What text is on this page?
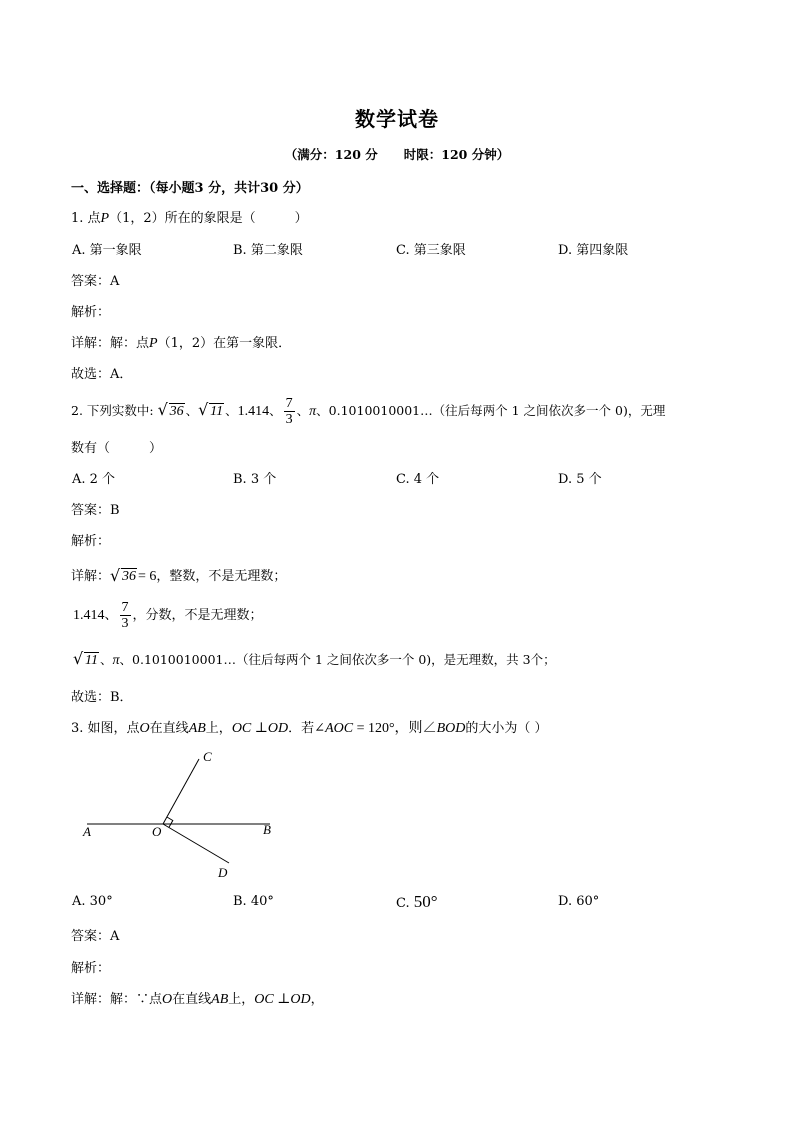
数学试卷
（满分：120 分 时限：120 分钟）
一、选择题：（每小题3 分，共计30 分）
1. 点P（1，2）所在的象限是（　　　）
A. 第一象限	B. 第二象限	C. 第三象限	D. 第四象限
答案：A
解析：
详解：解：点P（1，2）在第一象限．
故选：A．
2. 下列实数中: √ 36 、 √ 11 、1.414、 $\frac{7}{3}$ 、π、0.1010010001…（往后每两个 1 之间依次多一个 0)，无理
数有（　　　）
A. 2 个	B. 3 个	C. 4 个	D. 5 个
答案：B
解析：
详解： √ 36 = 6，整数，不是无理数；
1.414、 $\frac{7}{3}$ ，分数，不是无理数；
√ 11 、π、0.1010010001…（往后每两个 1 之间依次多一个 0)，是无理数，共 3个；
故选：B．
3. 如图，点O在直线AB上，OC ⊥OD．若∠AOC = 120°，则∠BOD的大小为（ ）
A	B
C
D
O
A. 30°	B. 40°	C. 50°	D. 60°
答案：A
解析：
详解：解：∵点O在直线AB上，OC ⊥OD，
